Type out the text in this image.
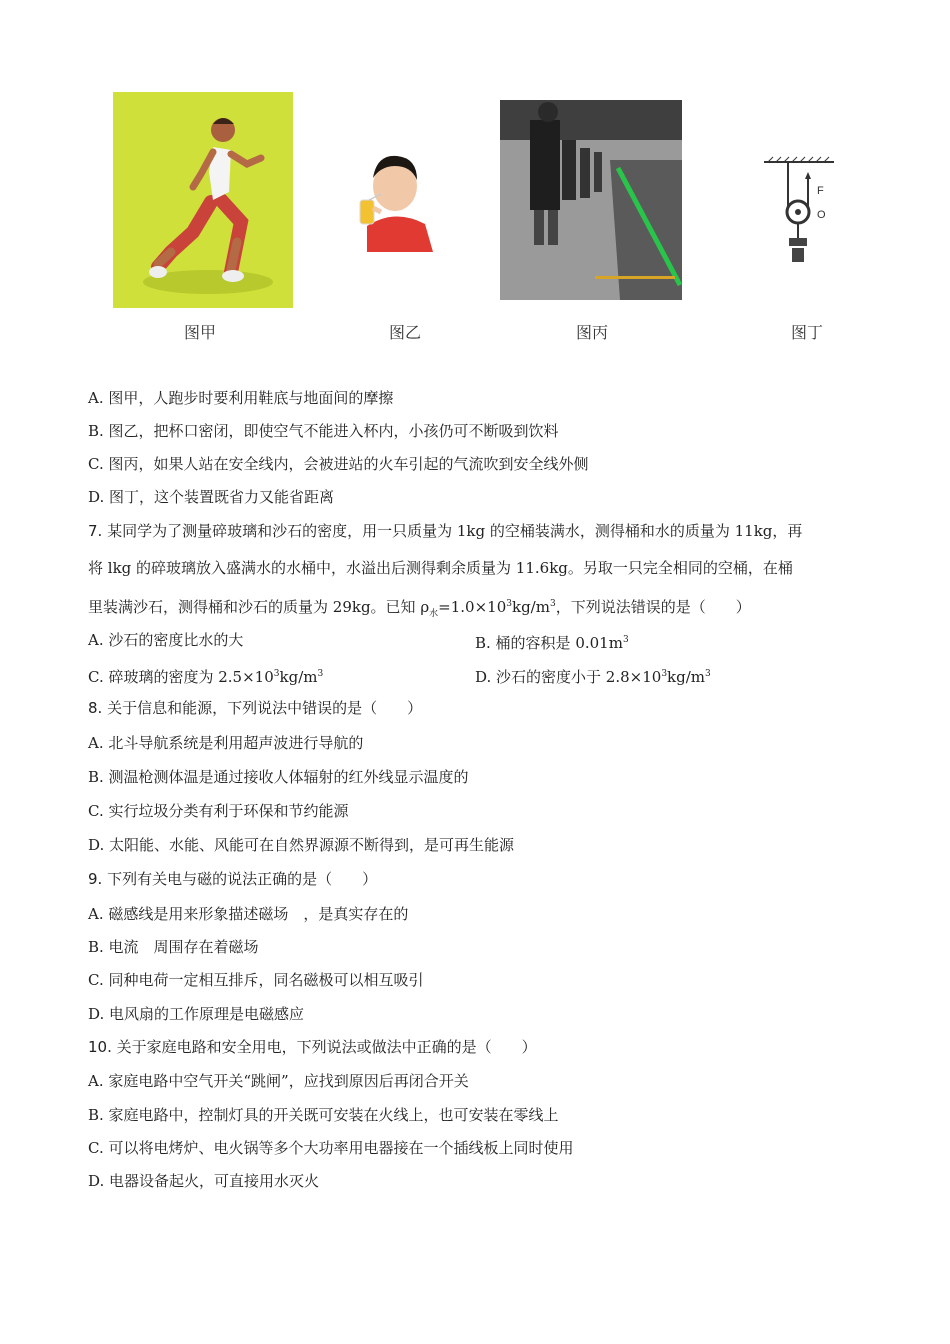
F
O
图甲	图乙	图丙	图丁
A. 图甲，人跑步时要利用鞋底与地面间的摩擦
B. 图乙，把杯口密闭，即使空气不能进入杯内，小孩仍可不断吸到饮料
C. 图丙，如果人站在安全线内，会被进站的火车引起的气流吹到安全线外侧
D. 图丁，这个装置既省力又能省距离
7. 某同学为了测量碎玻璃和沙石的密度，用一只质量为 1kg 的空桶装满水，测得桶和水的质量为 11kg，再
将 lkg 的碎玻璃放入盛满水的水桶中，水溢出后测得剩余质量为 11.6kg。另取一只完全相同的空桶，在桶
里装满沙石，测得桶和沙石的质量为 29kg。已知 $\rho_水=1.0\times 10^3kg/m^3$，下列说法错误的是（　　）
A. 沙石的密度比水的大	B. 桶的容积是 $0.01m^3$
C. 碎玻璃的密度为 $2.5\times 10^3kg/m^3$	D. 沙石的密度小于 $2.8\times 10^3kg/m^3$
8. 关于信息和能源，下列说法中错误的是（　　）
A. 北斗导航系统是利用超声波进行导航的
B. 测温枪测体温是通过接收人体辐射的红外线显示温度的
C. 实行垃圾分类有利于环保和节约能源
D. 太阳能、水能、风能可在自然界源源不断得到，是可再生能源
9. 下列有关电与磁的说法正确的是（　　）
A. 磁感线是用来形象描述磁场　，是真实存在的
B. 电流　周围存在着磁场
C. 同种电荷一定相互排斥，同名磁极可以相互吸引
D. 电风扇的工作原理是电磁感应
10. 关于家庭电路和安全用电，下列说法或做法中正确的是（　　）
A. 家庭电路中空气开关“跳闸”，应找到原因后再闭合开关
B. 家庭电路中，控制灯具的开关既可安装在火线上，也可安装在零线上
C. 可以将电烤炉、电火锅等多个大功率用电器接在一个插线板上同时使用
D. 电器设备起火，可直接用水灭火
